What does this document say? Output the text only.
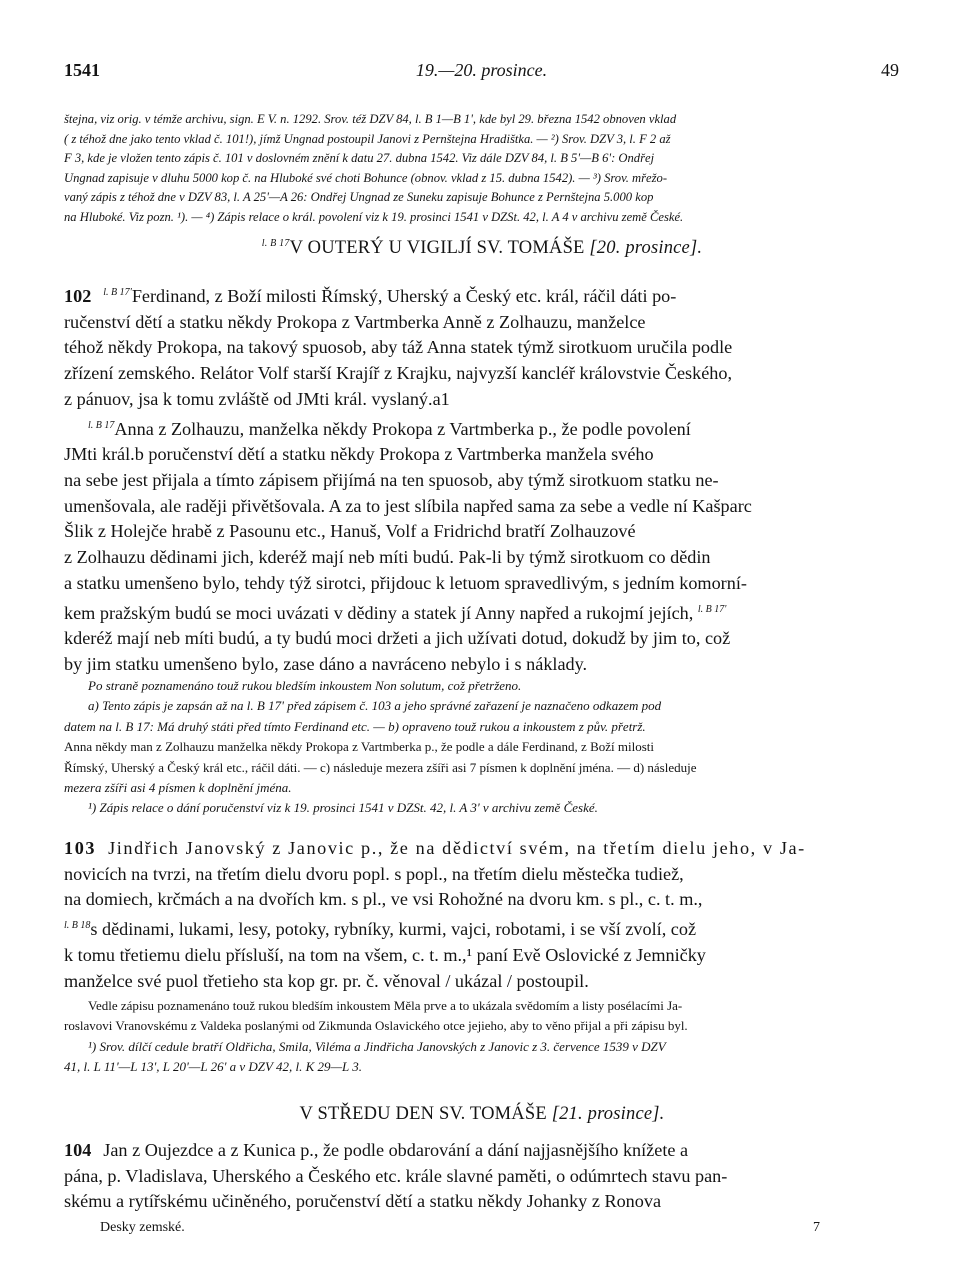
1541	19.—20. prosince.	49
štejna, viz orig. v témže archivu, sign. E V. n. 1292. Srov. též DZV 84, l. B 1—B 1', kde byl 29. března 1542 obnoven vklad
( z téhož dne jako tento vklad č. 101!), jímž Ungnad postoupil Janovi z Pernštejna Hradištka. — ²) Srov. DZV 3, l. F 2 až
F 3, kde je vložen tento zápis č. 101 v doslovném znění k datu 27. dubna 1542. Viz dále DZV 84, l. B 5'—B 6': Ondřej
Ungnad zapisuje v dluhu 5000 kop č. na Hluboké své choti Bohunce (obnov. vklad z 15. dubna 1542). — ³) Srov. mřežo-
vaný zápis z téhož dne v DZV 83, l. A 25'—A 26: Ondřej Ungnad ze Suneku zapisuje Bohunce z Pernštejna 5.000 kop
na Hluboké. Viz pozn. ¹). — ⁴) Zápis relace o král. povolení viz k 19. prosinci 1541 v DZSt. 42, l. A 4 v archivu země České.
$^{l. B 17}$V OUTERÝ U VIGILJÍ SV. TOMÁŠE [20. prosince].
102 $^{l. B 17'}$Ferdinand, z Boží milosti Římský, Uherský a Český etc. král, ráčil dáti po-
ručenství dětí a statku někdy Prokopa z Vartmberka Anně z Zolhauzu, manželce
téhož někdy Prokopa, na takový spuosob, aby táž Anna statek týmž sirotkuom uručila podle
zřízení zemského. Relátor Volf starší Krajíř z Krajku, najvyzší kancléř královstvie Českého,
z pánuov, jsa k tomu zvláště od JMti král. vyslaný.a1
$^{l. B 17}$Anna z Zolhauzu, manželka někdy Prokopa z Vartmberka p., že podle povolení
JMti král.b poručenství dětí a statku někdy Prokopa z Vartmberka manžela svého
na sebe jest přijala a tímto zápisem přijímá na ten spuosob, aby týmž sirotkuom statku ne-
umenšovala, ale raději přivětšovala. A za to jest slíbila napřed sama za sebe a vedle ní Kašparc
Šlik z Holejče hrabě z Pasounu etc., Hanuš, Volf a Fridrichd bratří Zolhauzové
z Zolhauzu dědinami jich, kderéž mají neb míti budú. Pak-li by týmž sirotkuom co dědin
a statku umenšeno bylo, tehdy týž sirotci, přijdouc k letuom spravedlivým, s jedním komorní-
kem pražským budú se moci uvázati v dědiny a statek jí Anny napřed a rukojmí jejích, $^{l. B 17'}$
kderéž mají neb míti budú, a ty budú moci držeti a jich užívati dotud, dokudž by jim to, což
by jim statku umenšeno bylo, zase dáno a navráceno nebylo i s náklady.
Po straně poznamenáno touž rukou bledším inkoustem Non solutum, což přetrženo.
a) Tento zápis je zapsán až na l. B 17' před zápisem č. 103 a jeho správné zařazení je naznačeno odkazem pod
datem na l. B 17: Má druhý státi před tímto Ferdinand etc. — b) opraveno touž rukou a inkoustem z pův. přetrž.
Anna někdy man z Zolhauzu manželka někdy Prokopa z Vartmberka p., že podle a dále Ferdinand, z Boží milosti
Římský, Uherský a Český král etc., ráčil dáti. — c) následuje mezera zšíři asi 7 písmen k doplnění jména. — d) následuje
mezera zšíři asi 4 písmen k doplnění jména.
¹) Zápis relace o dání poručenství viz k 19. prosinci 1541 v DZSt. 42, l. A 3' v archivu země České.
103 Jindřich Janovský z Janovic p., že na dědictví svém, na třetím dielu jeho, v Ja-
novicích na tvrzi, na třetím dielu dvoru popl. s popl., na třetím dielu městečka tudiež,
na domiech, krčmách a na dvořích km. s pl., ve vsi Rohožné na dvoru km. s pl., c. t. m.,
$^{l. B 18}$s dědinami, lukami, lesy, potoky, rybníky, kurmi, vajci, robotami, i se vší zvolí, což
k tomu třetiemu dielu přísluší, na tom na všem, c. t. m.,¹ paní Evě Oslovické z Jemničky
manželce své puol třetieho sta kop gr. pr. č. věnoval / ukázal / postoupil.
Vedle zápisu poznamenáno touž rukou bledším inkoustem Měla prve a to ukázala svědomím a listy posélacími Ja-
roslavovi Vranovskému z Valdeka poslanými od Zikmunda Oslavického otce jejieho, aby to věno přijal a při zápisu byl.
¹) Srov. dílčí cedule bratří Oldřicha, Smila, Viléma a Jindřicha Janovských z Janovic z 3. července 1539 v DZV
41, l. L 11'—L 13', L 20'—L 26' a v DZV 42, l. K 29—L 3.
V STŘEDU DEN SV. TOMÁŠE [21. prosince].
104 Jan z Oujezdce a z Kunica p., že podle obdarování a dání najjasnějšího knížete a
pána, p. Vladislava, Uherského a Českého etc. krále slavné paměti, o odúmrtech stavu pan-
skému a rytířskému učiněného, poručenství dětí a statku někdy Johanky z Ronova
Desky zemské.	7
